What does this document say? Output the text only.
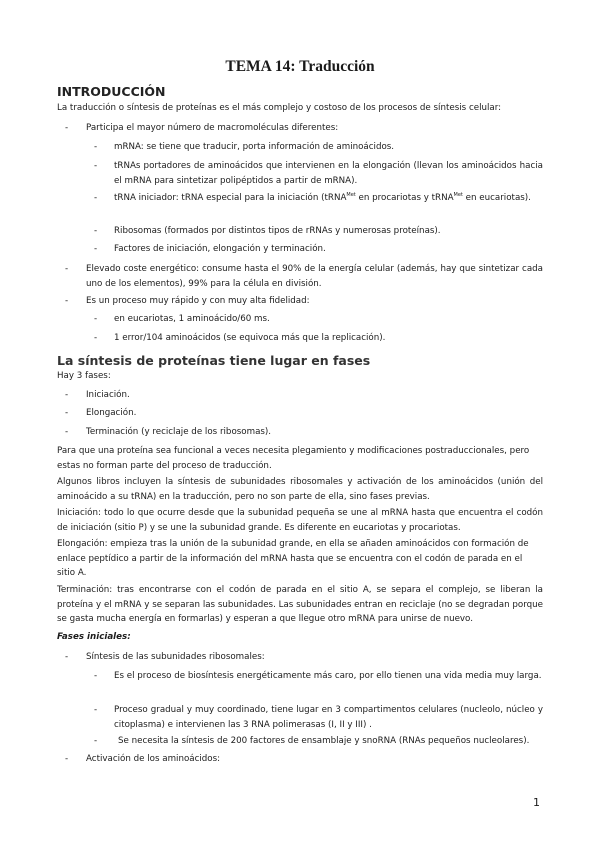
TEMA 14: Traducción
INTRODUCCIÓN
La traducción o síntesis de proteínas es el más complejo y costoso de los procesos de síntesis celular:
- Participa el mayor número de macromoléculas diferentes:
- mRNA: se tiene que traducir, porta información de aminoácidos.
- tRNAs portadores de aminoácidos que intervienen en la elongación (llevan los aminoácidos hacia el mRNA para sintetizar polipéptidos a partir de mRNA).
- tRNA iniciador: tRNA especial para la iniciación (tRNA$^{Met}$ en procariotas y tRNA$^{Met}$ en eucariotas).
- Ribosomas (formados por distintos tipos de rRNAs y numerosas proteínas).
- Factores de iniciación, elongación y terminación.
- Elevado coste energético: consume hasta el 90% de la energía celular (además, hay que sintetizar cada uno de los elementos), 99% para la célula en división.
- Es un proceso muy rápido y con muy alta fidelidad:
- en eucariotas, 1 aminoácido/60 ms.
- 1 error/104 aminoácidos (se equivoca más que la replicación).
La síntesis de proteínas tiene lugar en fases
Hay 3 fases:
- Iniciación.
- Elongación.
- Terminación (y reciclaje de los ribosomas).
Para que una proteína sea funcional a veces necesita plegamiento y modificaciones postraduccionales, pero estas no forman parte del proceso de traducción.
Algunos libros incluyen la síntesis de subunidades ribosomales y activación de los aminoácidos (unión del aminoácido a su tRNA) en la traducción, pero no son parte de ella, sino fases previas.
Iniciación: todo lo que ocurre desde que la subunidad pequeña se une al mRNA hasta que encuentra el codón de iniciación (sitio P) y se une la subunidad grande. Es diferente en eucariotas y procariotas.
Elongación: empieza tras la unión de la subunidad grande, en ella se añaden aminoácidos con formación de enlace peptídico a partir de la información del mRNA hasta que se encuentra con el codón de parada en el sitio A.
Terminación: tras encontrarse con el codón de parada en el sitio A, se separa el complejo, se liberan la proteína y el mRNA y se separan las subunidades. Las subunidades entran en reciclaje (no se degradan porque se gasta mucha energía en formarlas) y esperan a que llegue otro mRNA para unirse de nuevo.
Fases iniciales:
- Síntesis de las subunidades ribosomales:
- Es el proceso de biosíntesis energéticamente más caro, por ello tienen una vida media muy larga.
- Proceso gradual y muy coordinado, tiene lugar en 3 compartimentos celulares (nucleolo, núcleo y citoplasma) e intervienen las 3 RNA polimerasas (I, II y III) .
- Se necesita la síntesis de 200 factores de ensamblaje y snoRNA (RNAs pequeños nucleolares).
- Activación de los aminoácidos:
1
